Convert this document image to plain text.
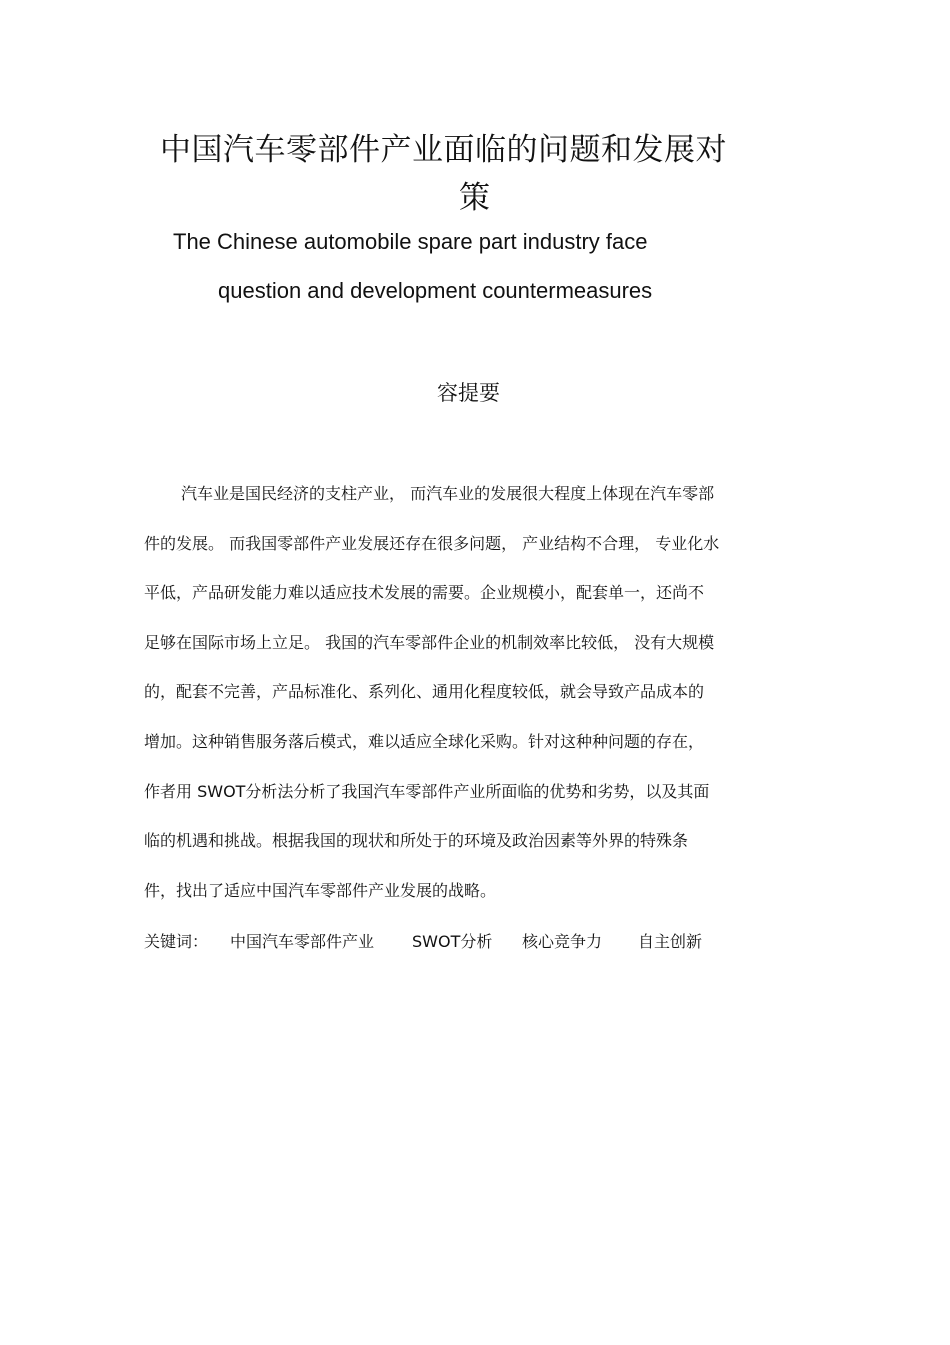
中国汽车零部件产业面临的问题和发展对
策
The Chinese automobile spare part industry face
question and development countermeasures
容提要
汽车业是国民经济的支柱产业， 而汽车业的发展很大程度上体现在汽车零部
件的发展。 而我国零部件产业发展还存在很多问题， 产业结构不合理， 专业化水
平低，产品研发能力难以适应技术发展的需要。企业规模小，配套单一，还尚不
足够在国际市场上立足。 我国的汽车零部件企业的机制效率比较低， 没有大规模
的，配套不完善，产品标准化、系列化、通用化程度较低，就会导致产品成本的
增加。这种销售服务落后模式，难以适应全球化采购。针对这种种问题的存在，
作者用 SWOT分析法分析了我国汽车零部件产业所面临的优势和劣势，以及其面
临的机遇和挑战。根据我国的现状和所处于的环境及政治因素等外界的特殊条
件，找出了适应中国汽车零部件产业发展的战略。
关键词： 中国汽车零部件产业 SWOT分析 核心竞争力 自主创新
